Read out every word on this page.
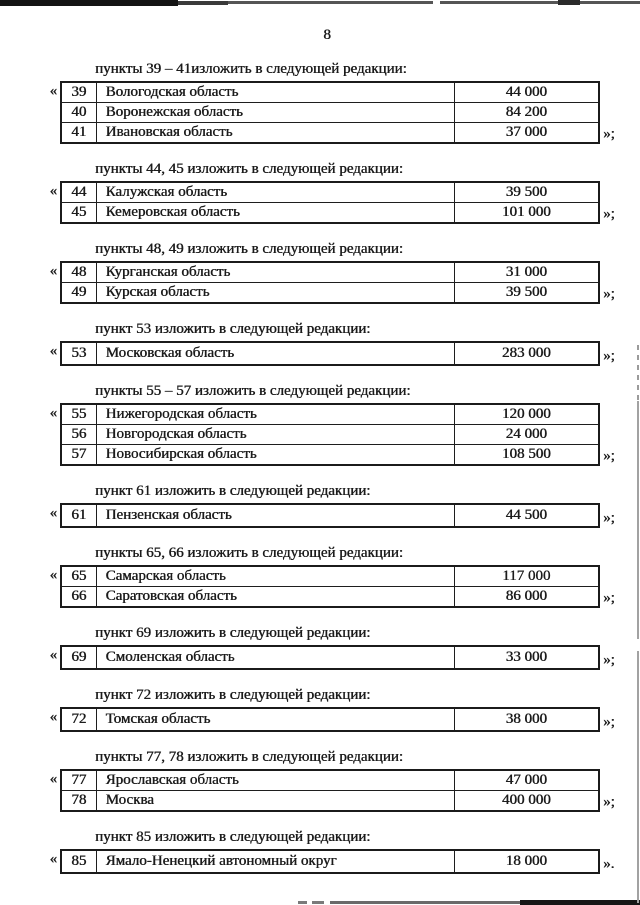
8

пункты 39 – 41изложить в следующей редакции:

« 39	Вологодская область	44 000
40	Воронежская область	84 200
41	Ивановская область	37 000	»;

пункты 44, 45 изложить в следующей редакции:

« 44	Калужская область	39 500
45	Кемеровская область	101 000	»;

пункты 48, 49 изложить в следующей редакции:

« 48	Курганская область	31 000
49	Курская область	39 500	»;

пункт 53 изложить в следующей редакции:

« 53	Московская область	283 000	»;

пункты 55 – 57 изложить в следующей редакции:

« 55	Нижегородская область	120 000
56	Новгородская область	24 000
57	Новосибирская область	108 500	»;

пункт 61 изложить в следующей редакции:

« 61	Пензенская область	44 500	»;

пункты 65, 66 изложить в следующей редакции:

« 65	Самарская область	117 000
66	Саратовская область	86 000	»;

пункт 69 изложить в следующей редакции:

« 69	Смоленская область	33 000	»;

пункт 72 изложить в следующей редакции:

« 72	Томская область	38 000	»;

пункты 77, 78 изложить в следующей редакции:

« 77	Ярославская область	47 000
78	Москва	400 000	»;

пункт 85 изложить в следующей редакции:

« 85	Ямало-Ненецкий автономный округ	18 000	».
